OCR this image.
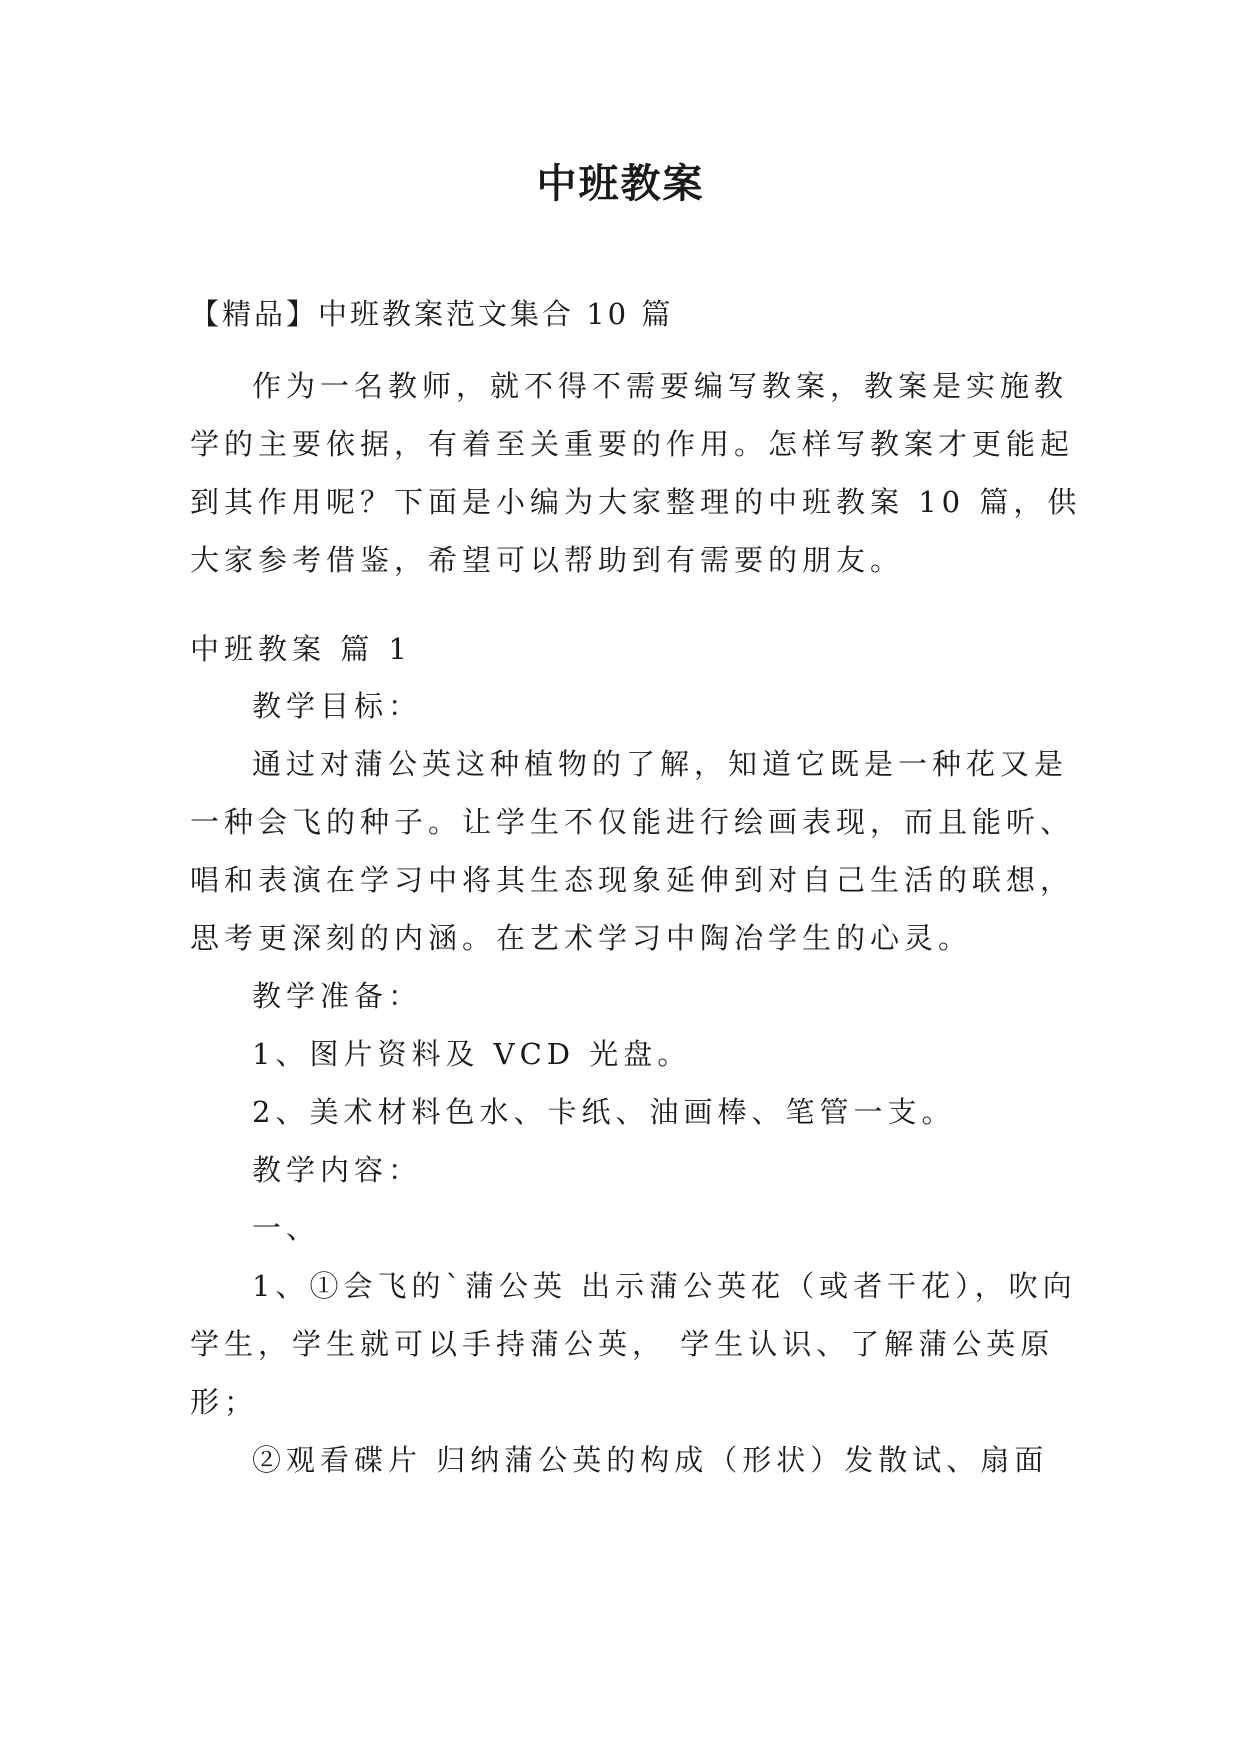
中班教案
【精品】中班教案范文集合 10 篇
作为一名教师，就不得不需要编写教案，教案是实施教
学的主要依据，有着至关重要的作用。怎样写教案才更能起
到其作用呢？下面是小编为大家整理的中班教案 10 篇，供
大家参考借鉴，希望可以帮助到有需要的朋友。
中班教案 篇 1
教学目标：
通过对蒲公英这种植物的了解，知道它既是一种花又是
一种会飞的种子。让学生不仅能进行绘画表现，而且能听、
唱和表演在学习中将其生态现象延伸到对自己生活的联想，
思考更深刻的内涵。在艺术学习中陶冶学生的心灵。
教学准备：
1、图片资料及 VCD 光盘。
2、美术材料色水、卡纸、油画棒、笔管一支。
教学内容：
一、
1、①会飞的`蒲公英 出示蒲公英花（或者干花），吹向
学生，学生就可以手持蒲公英， 学生认识、了解蒲公英原
形；
②观看碟片 归纳蒲公英的构成（形状）发散试、扇面
